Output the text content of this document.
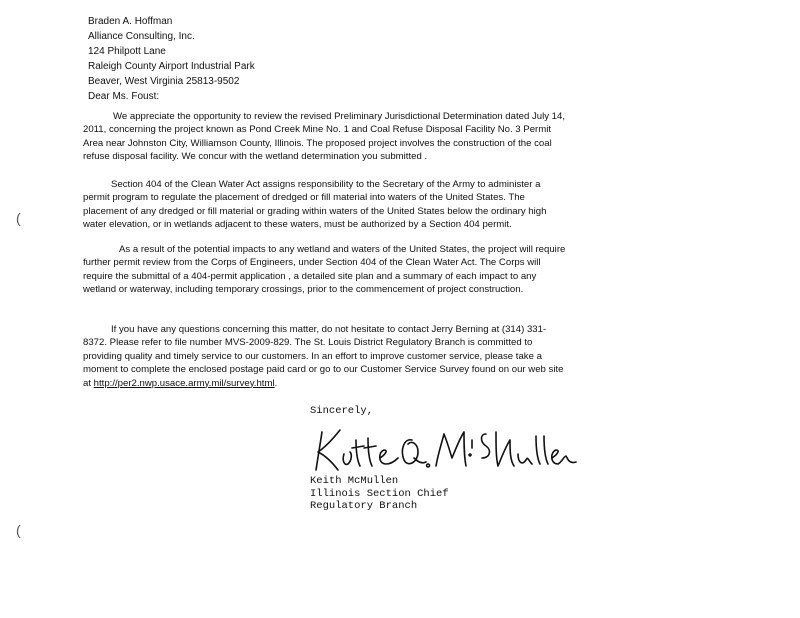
Braden A. Hoffman
Alliance Consulting, Inc.
124 Philpott Lane
Raleigh County Airport Industrial Park
Beaver, West Virginia 25813-9502
Dear Ms. Foust:
We appreciate the opportunity to review the revised Preliminary Jurisdictional Determination dated July 14, 2011, concerning the project known as Pond Creek Mine No. 1 and Coal Refuse Disposal Facility No. 3 Permit Area near Johnston City, Williamson County, Illinois. The proposed project involves the construction of the coal refuse disposal facility. We concur with the wetland determination you submitted .
Section 404 of the Clean Water Act assigns responsibility to the Secretary of the Army to administer a permit program to regulate the placement of dredged or fill material into waters of the United States. The placement of any dredged or fill material or grading within waters of the United States below the ordinary high water elevation, or in wetlands adjacent to these waters, must be authorized by a Section 404 permit.
As a result of the potential impacts to any wetland and waters of the United States, the project will require further permit review from the Corps of Engineers, under Section 404 of the Clean Water Act. The Corps will require the submittal of a 404-permit application , a detailed site plan and a summary of each impact to any wetland or waterway, including temporary crossings, prior to the commencement of project construction.
If you have any questions concerning this matter, do not hesitate to contact Jerry Berning at (314) 331-8372. Please refer to file number MVS-2009-829. The St. Louis District Regulatory Branch is committed to providing quality and timely service to our customers. In an effort to improve customer service, please take a moment to complete the enclosed postage paid card or go to our Customer Service Survey found on our web site at http://per2.nwp.usace.army.mil/survey.html.
Sincerely,
Keith McMullen
Illinois Section Chief
Regulatory Branch
(
(
